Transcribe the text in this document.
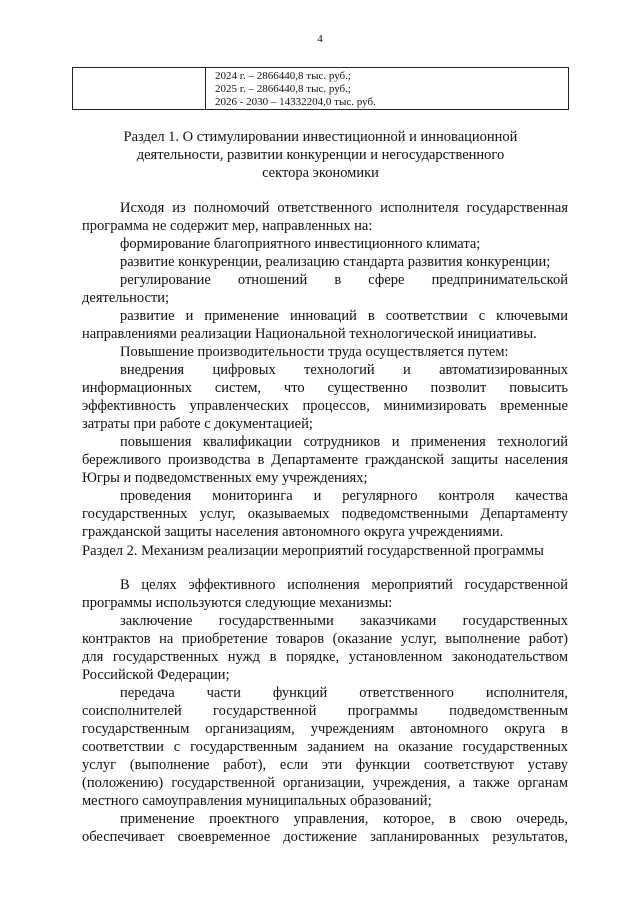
4
2024 г. – 2866440,8 тыс. руб.;
2025 г. – 2866440,8 тыс. руб.;
2026 - 2030 – 14332204,0 тыс. руб.
Раздел 1. О стимулировании инвестиционной и инновационной
деятельности, развитии конкуренции и негосударственного
сектора экономики
Исходя из полномочий ответственного исполнителя государственная
программа не содержит мер, направленных на:
формирование благоприятного инвестиционного климата;
развитие конкуренции, реализацию стандарта развития конкуренции;
регулирование отношений в сфере предпринимательской
деятельности;
развитие и применение инноваций в соответствии с ключевыми
направлениями реализации Национальной технологической инициативы.
Повышение производительности труда осуществляется путем:
внедрения цифровых технологий и автоматизированных
информационных систем, что существенно позволит повысить
эффективность управленческих процессов, минимизировать временные
затраты при работе с документацией;
повышения квалификации сотрудников и применения технологий
бережливого производства в Департаменте гражданской защиты населения
Югры и подведомственных ему учреждениях;
проведения мониторинга и регулярного контроля качества
государственных услуг, оказываемых подведомственными Департаменту
гражданской защиты населения автономного округа учреждениями.
Раздел 2. Механизм реализации мероприятий государственной программы
В целях эффективного исполнения мероприятий государственной
программы используются следующие механизмы:
заключение государственными заказчиками государственных
контрактов на приобретение товаров (оказание услуг, выполнение работ)
для государственных нужд в порядке, установленном законодательством
Российской Федерации;
передача части функций ответственного исполнителя,
соисполнителей государственной программы подведомственным
государственным организациям, учреждениям автономного округа в
соответствии с государственным заданием на оказание государственных
услуг (выполнение работ), если эти функции соответствуют уставу
(положению) государственной организации, учреждения, а также органам
местного самоуправления муниципальных образований;
применение проектного управления, которое, в свою очередь,
обеспечивает своевременное достижение запланированных результатов,
